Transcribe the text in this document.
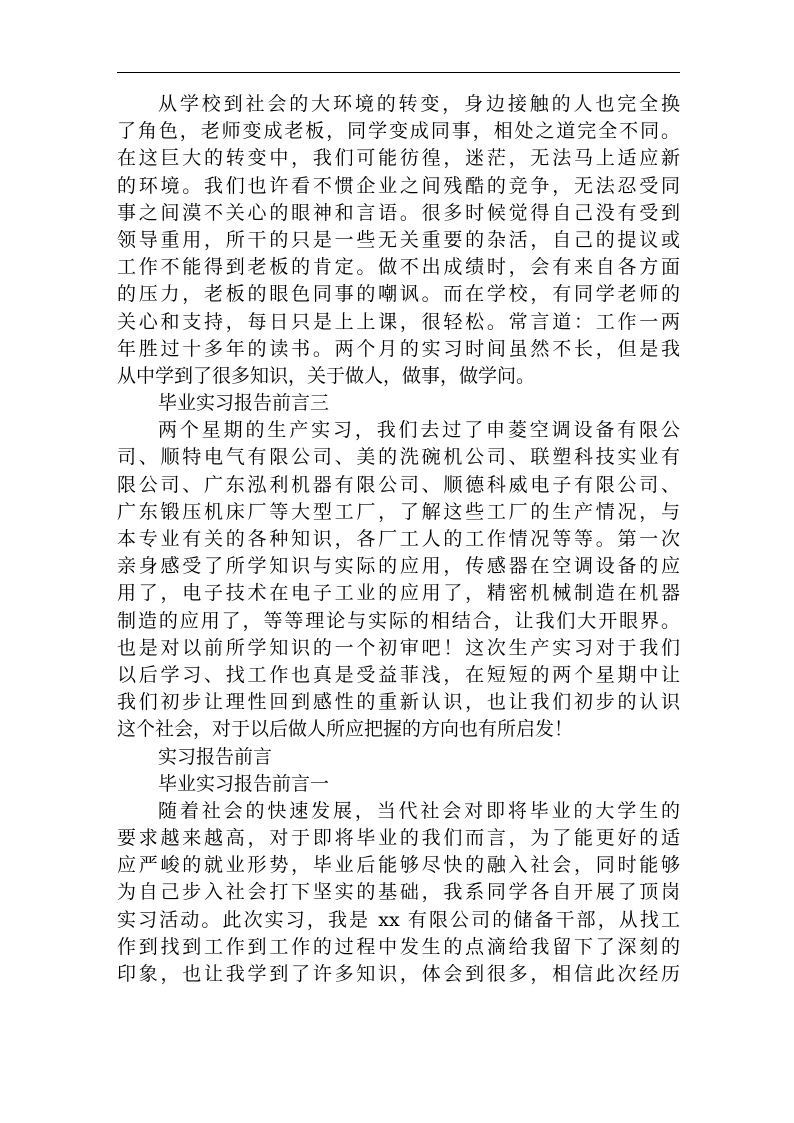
从学校到社会的大环境的转变，身边接触的人也完全换
了角色，老师变成老板，同学变成同事，相处之道完全不同。
在这巨大的转变中，我们可能彷徨，迷茫，无法马上适应新
的环境。我们也许看不惯企业之间残酷的竞争，无法忍受同
事之间漠不关心的眼神和言语。很多时候觉得自己没有受到
领导重用，所干的只是一些无关重要的杂活，自己的提议或
工作不能得到老板的肯定。做不出成绩时，会有来自各方面
的压力，老板的眼色同事的嘲讽。而在学校，有同学老师的
关心和支持，每日只是上上课，很轻松。常言道：工作一两
年胜过十多年的读书。两个月的实习时间虽然不长，但是我
从中学到了很多知识，关于做人，做事，做学问。
毕业实习报告前言三
两个星期的生产实习，我们去过了申菱空调设备有限公
司、顺特电气有限公司、美的洗碗机公司、联塑科技实业有
限公司、广东泓利机器有限公司、顺德科威电子有限公司、
广东锻压机床厂等大型工厂，了解这些工厂的生产情况，与
本专业有关的各种知识，各厂工人的工作情况等等。第一次
亲身感受了所学知识与实际的应用，传感器在空调设备的应
用了，电子技术在电子工业的应用了，精密机械制造在机器
制造的应用了，等等理论与实际的相结合，让我们大开眼界。
也是对以前所学知识的一个初审吧！这次生产实习对于我们
以后学习、找工作也真是受益菲浅，在短短的两个星期中让
我们初步让理性回到感性的重新认识，也让我们初步的认识
这个社会，对于以后做人所应把握的方向也有所启发！
实习报告前言
毕业实习报告前言一
随着社会的快速发展，当代社会对即将毕业的大学生的
要求越来越高，对于即将毕业的我们而言，为了能更好的适
应严峻的就业形势，毕业后能够尽快的融入社会，同时能够
为自己步入社会打下坚实的基础，我系同学各自开展了顶岗
实习活动。此次实习，我是 xx 有限公司的储备干部，从找工
作到找到工作到工作的过程中发生的点滴给我留下了深刻的
印象，也让我学到了许多知识，体会到很多，相信此次经历
